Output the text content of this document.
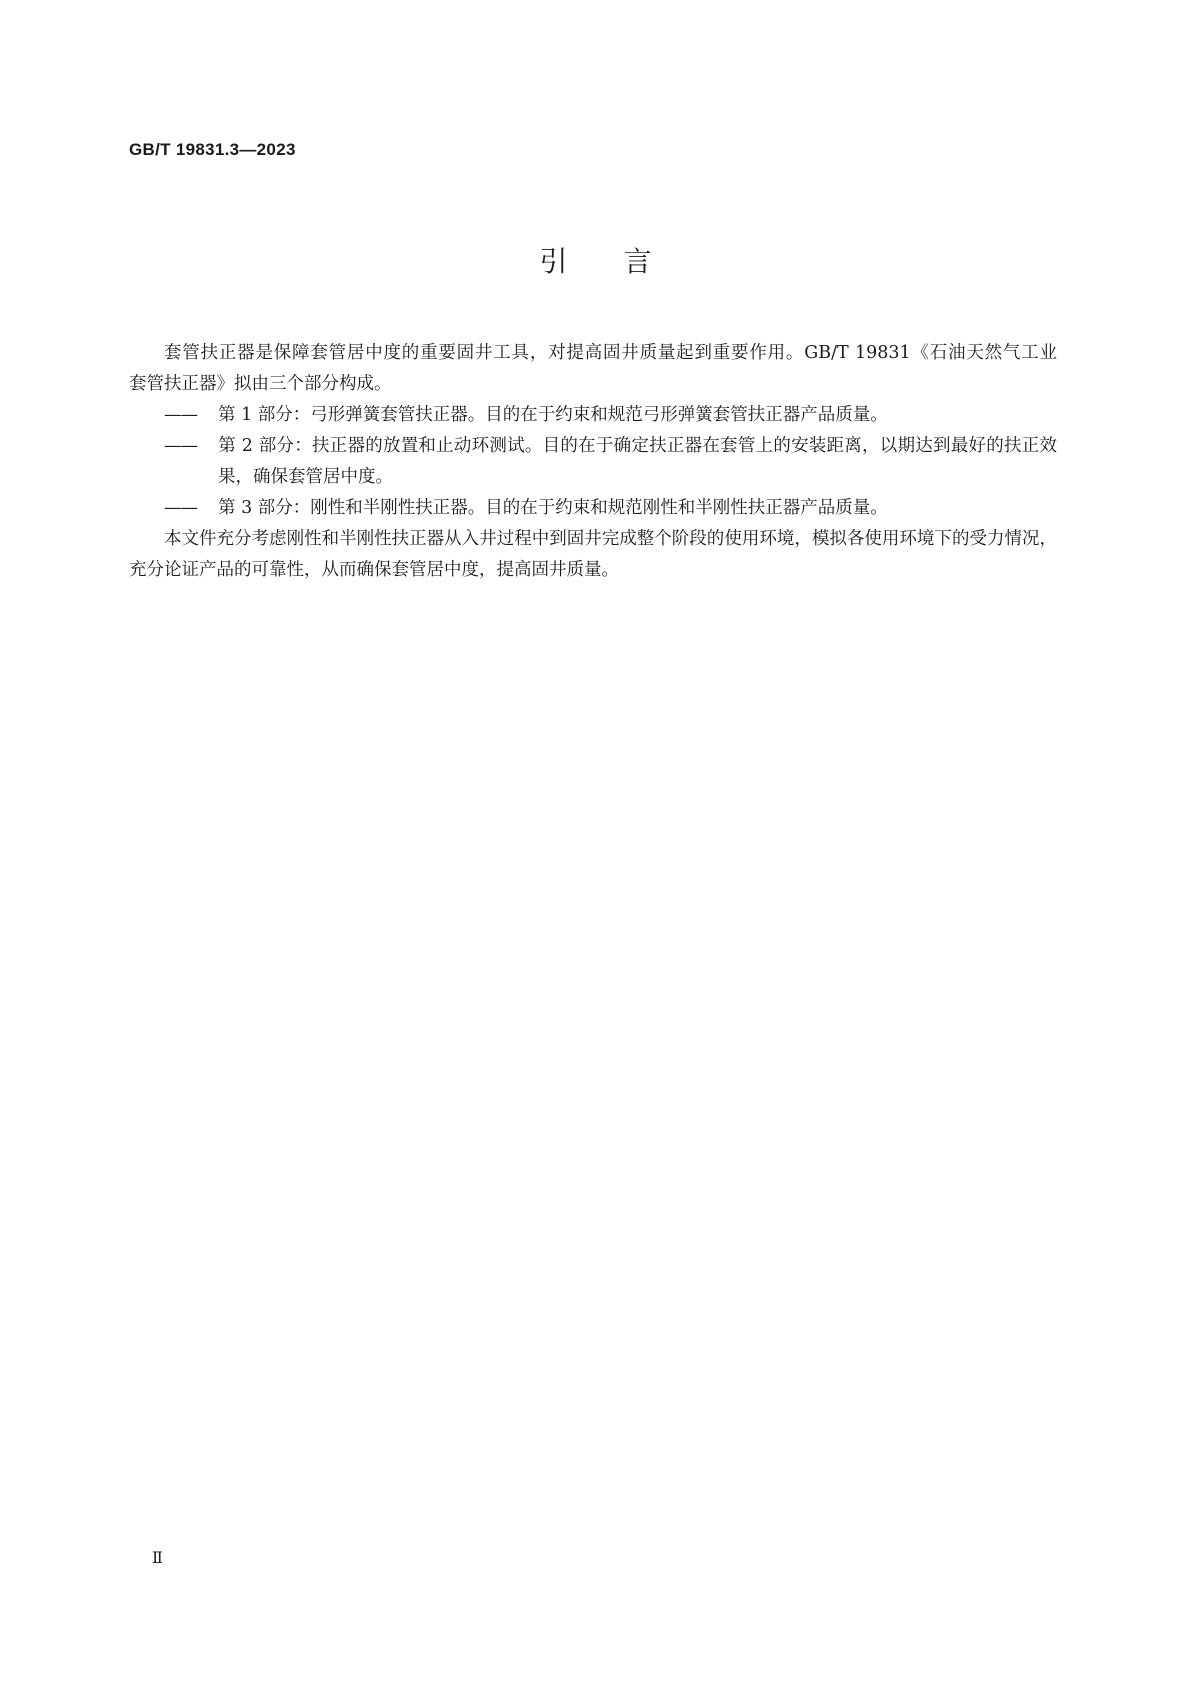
GB/T 19831.3—2023

引言

套管扶正器是保障套管居中度的重要固井工具，对提高固井质量起到重要作用。GB/T 19831《石油天然气工业　套管扶正器》拟由三个部分构成。

—— 第 1 部分：弓形弹簧套管扶正器。目的在于约束和规范弓形弹簧套管扶正器产品质量。

—— 第 2 部分：扶正器的放置和止动环测试。目的在于确定扶正器在套管上的安装距离，以期达到最好的扶正效果，确保套管居中度。

—— 第 3 部分：刚性和半刚性扶正器。目的在于约束和规范刚性和半刚性扶正器产品质量。

本文件充分考虑刚性和半刚性扶正器从入井过程中到固井完成整个阶段的使用环境，模拟各使用环境下的受力情况，充分论证产品的可靠性，从而确保套管居中度，提高固井质量。

Ⅱ
